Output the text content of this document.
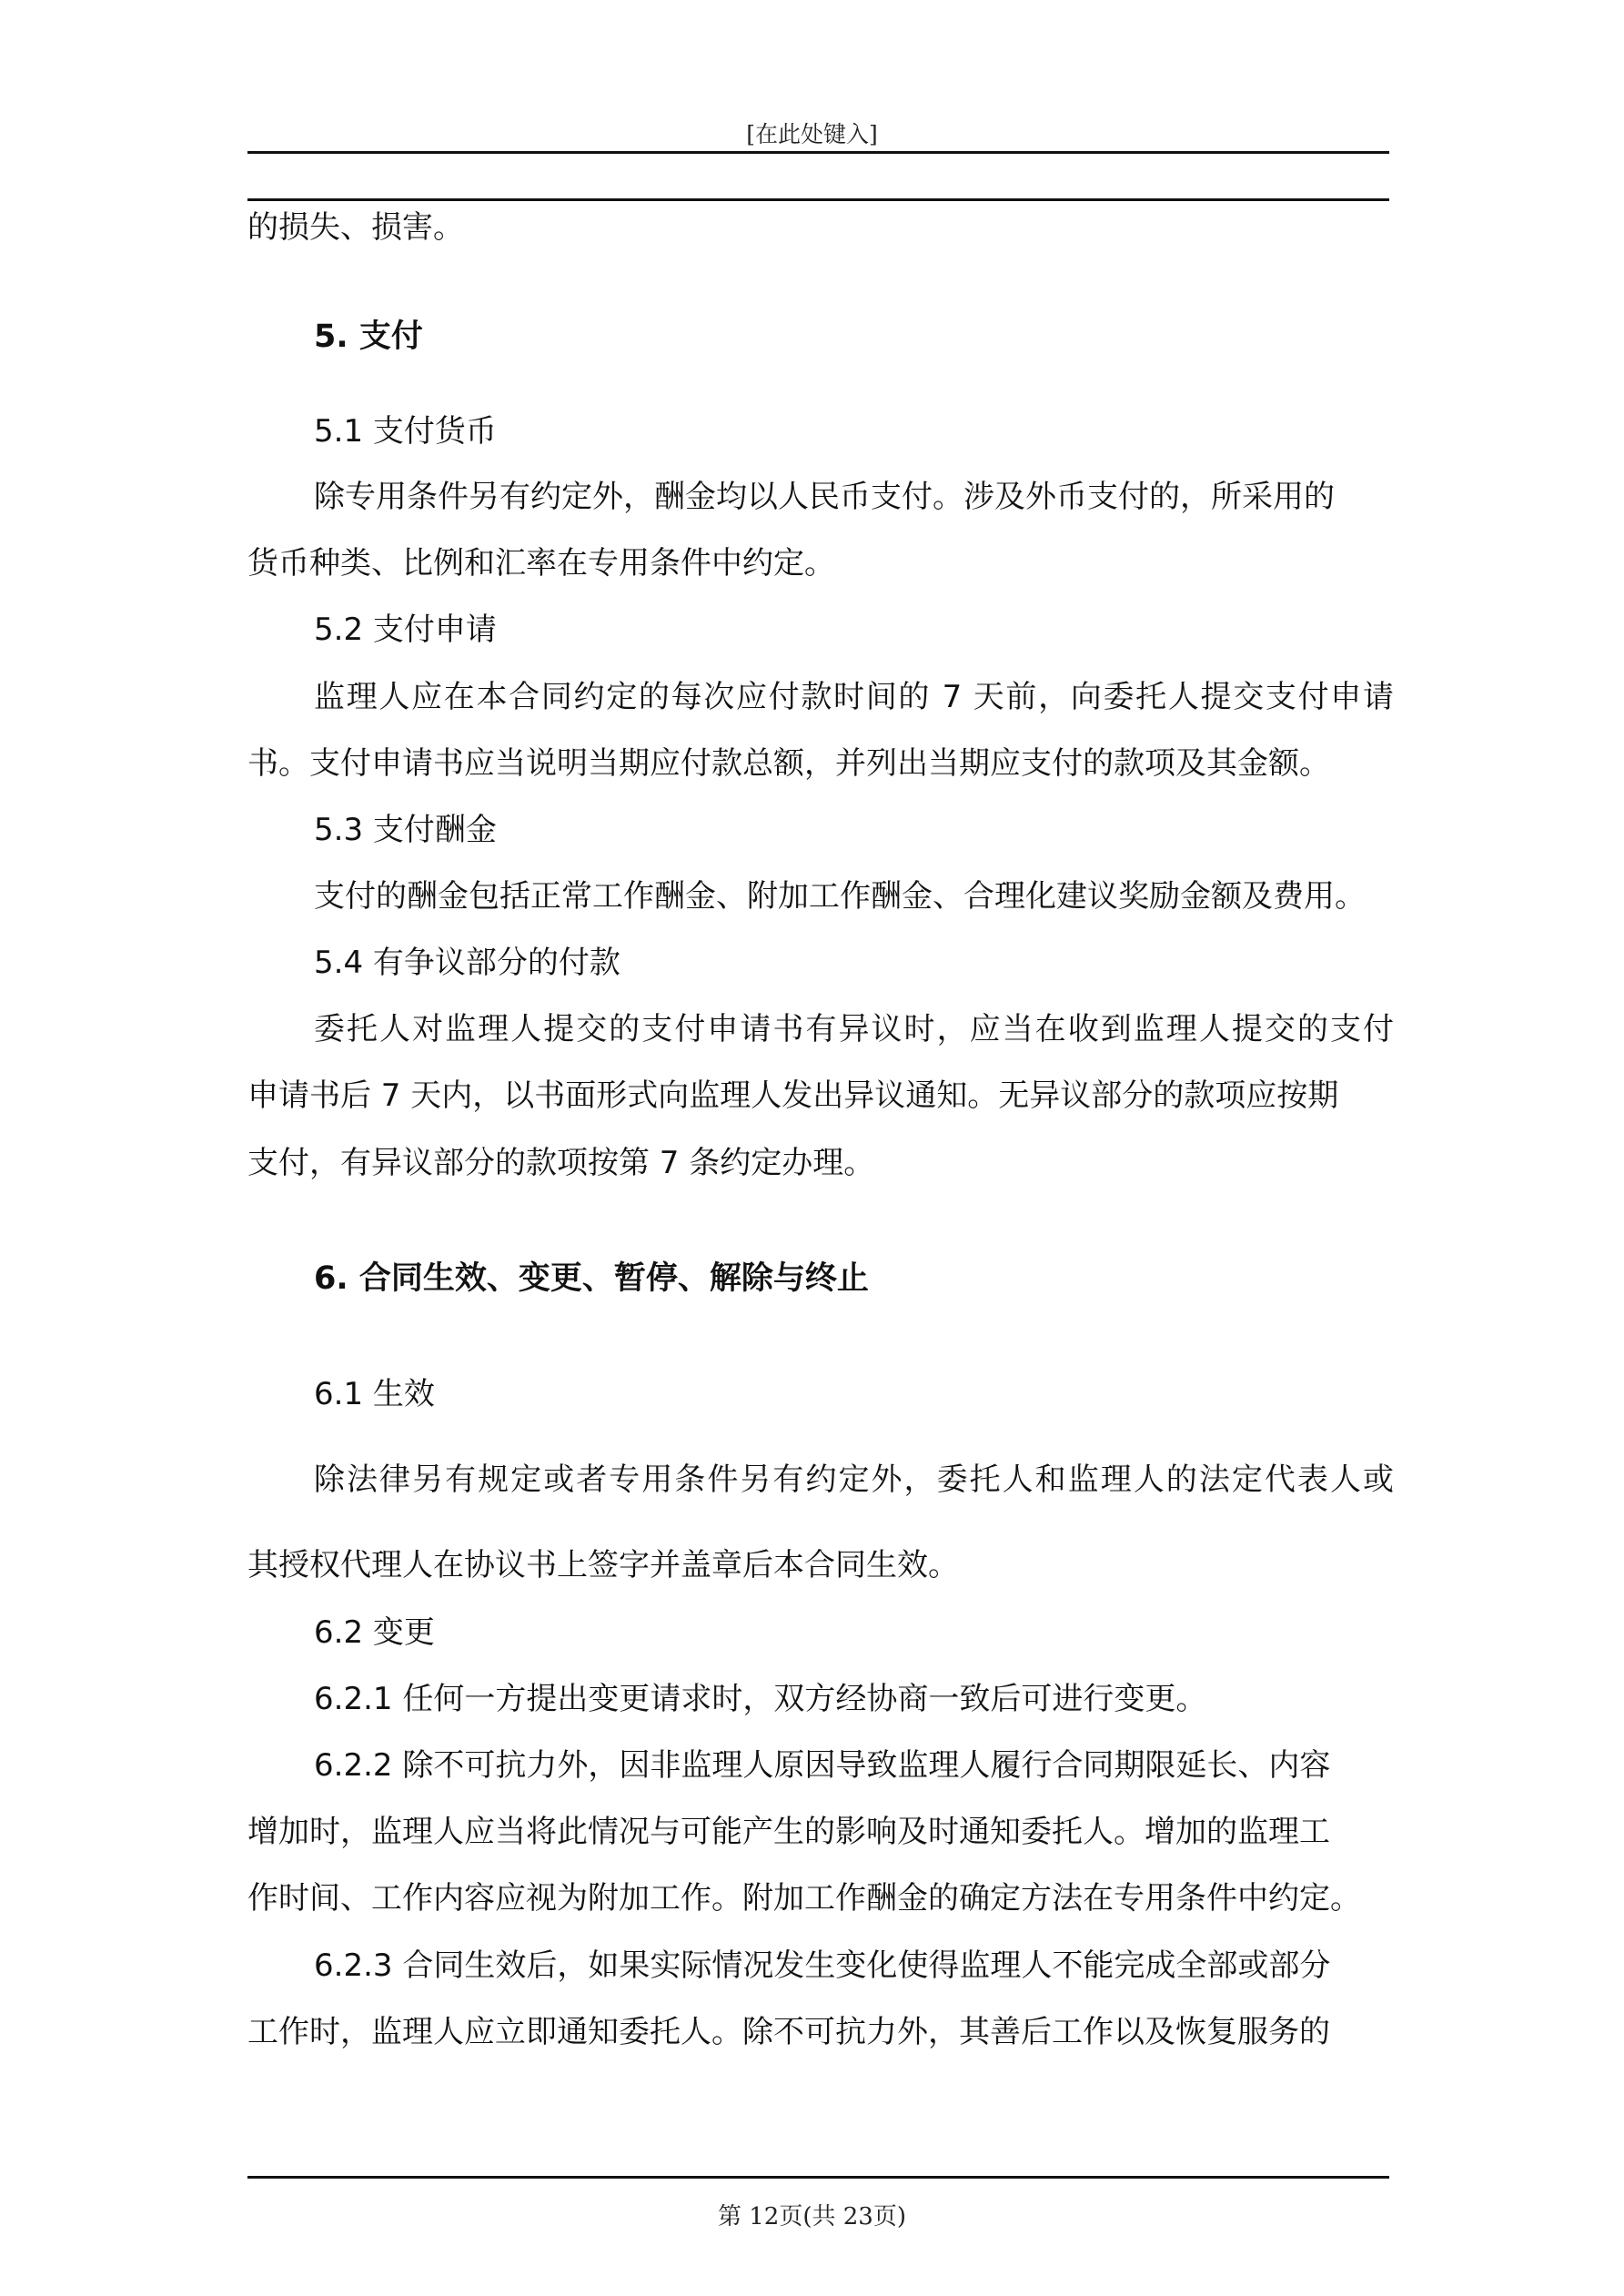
[在此处键入]
的损失、损害。
5. 支付
5.1 支付货币
除专用条件另有约定外，酬金均以人民币支付。涉及外币支付的，所采用的
货币种类、比例和汇率在专用条件中约定。
5.2 支付申请
监理人应在本合同约定的每次应付款时间的 7 天前，向委托人提交支付申请
书。支付申请书应当说明当期应付款总额，并列出当期应支付的款项及其金额。
5.3 支付酬金
支付的酬金包括正常工作酬金、附加工作酬金、合理化建议奖励金额及费用。
5.4 有争议部分的付款
委托人对监理人提交的支付申请书有异议时，应当在收到监理人提交的支付
申请书后 7 天内，以书面形式向监理人发出异议通知。无异议部分的款项应按期
支付，有异议部分的款项按第 7 条约定办理。
6. 合同生效、变更、暂停、解除与终止
6.1 生效
除法律另有规定或者专用条件另有约定外，委托人和监理人的法定代表人或
其授权代理人在协议书上签字并盖章后本合同生效。
6.2 变更
6.2.1 任何一方提出变更请求时，双方经协商一致后可进行变更。
6.2.2 除不可抗力外，因非监理人原因导致监理人履行合同期限延长、内容
增加时，监理人应当将此情况与可能产生的影响及时通知委托人。增加的监理工
作时间、工作内容应视为附加工作。附加工作酬金的确定方法在专用条件中约定。
6.2.3 合同生效后，如果实际情况发生变化使得监理人不能完成全部或部分
工作时，监理人应立即通知委托人。除不可抗力外，其善后工作以及恢复服务的
第 12页(共 23页)
